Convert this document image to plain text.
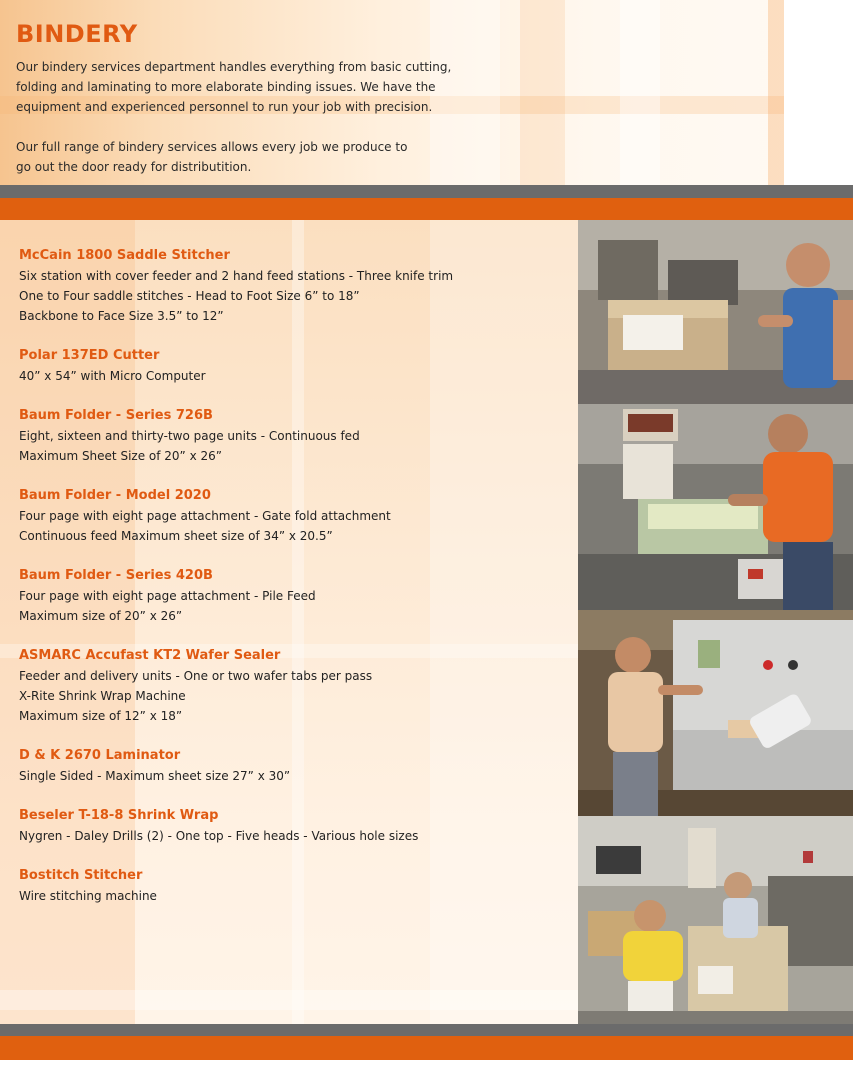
BINDERY

Our bindery services department handles everything from basic cutting, folding and laminating to more elaborate binding issues. We have the equipment and experienced personnel to run your job with precision.

Our full range of bindery services allows every job we produce to go out the door ready for distributition.

McCain 1800 Saddle Stitcher

Six station with cover feeder and 2 hand feed stations - Three knife trim

One to Four saddle stitches - Head to Foot Size 6” to 18”

Backbone to Face Size 3.5” to 12”

Polar 137ED Cutter

40” x 54” with Micro Computer

Baum Folder - Series 726B

Eight, sixteen and thirty-two page units - Continuous fed

Maximum Sheet Size of 20” x 26”

Baum Folder - Model 2020

Four page with eight page attachment - Gate fold attachment

Continuous feed Maximum sheet size of 34” x 20.5”

Baum Folder - Series 420B

Four page with eight page attachment - Pile Feed

Maximum size of 20” x 26”

ASMARC Accufast KT2 Wafer Sealer

Feeder and delivery units - One or two wafer tabs per pass

X-Rite Shrink Wrap Machine

Maximum size of 12” x 18”

D & K 2670 Laminator

Single Sided - Maximum sheet size 27” x 30”

Beseler T-18-8 Shrink Wrap

Nygren - Daley Drills (2) - One top - Five heads - Various hole sizes

Bostitch Stitcher

Wire stitching machine
